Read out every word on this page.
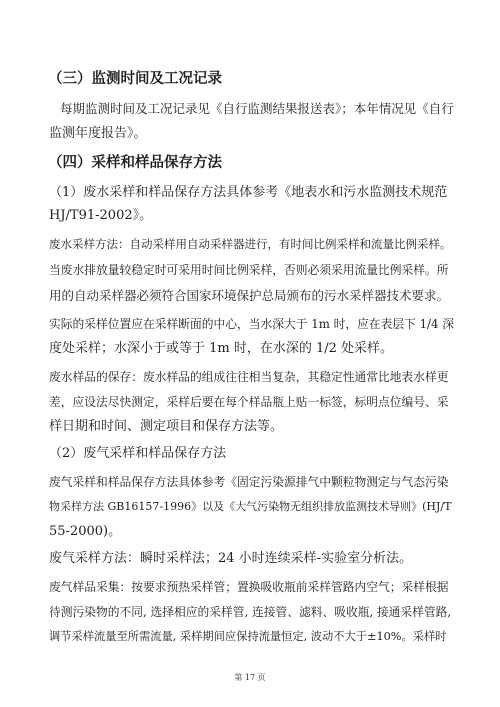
（三）监测时间及工况记录
每期监测时间及工况记录见《自行监测结果报送表》；本年情况见《自行
监测年度报告》。
（四）采样和样品保存方法
（1）废水采样和样品保存方法具体参考《地表水和污水监测技术规范
HJ/T91-2002》。
废水采样方法：自动采样用自动采样器进行，有时间比例采样和流量比例采样。
当废水排放量较稳定时可采用时间比例采样，否则必须采用流量比例采样。所
用的自动采样器必须符合国家环境保护总局颁布的污水采样器技术要求。
实际的采样位置应在采样断面的中心，当水深大于 1m 时，应在表层下 1/4 深
度处采样；水深小于或等于 1m 时，在水深的 1/2 处采样。
废水样品的保存：废水样品的组成往往相当复杂，其稳定性通常比地表水样更
差，应设法尽快测定，采样后要在每个样品瓶上贴一标签，标明点位编号、采
样日期和时间、测定项目和保存方法等。
（2）废气采样和样品保存方法
废气采样和样品保存方法具体参考《固定污染源排气中颗粒物测定与气态污染
物采样方法 GB16157-1996》以及《大气污染物无组织排放监测技术导则》(HJ/T
55-2000)。
废气采样方法：瞬时采样法；24 小时连续采样-实验室分析法。
废气样品采集：按要求预热采样管；置换吸收瓶前采样管路内空气；采样根据
待测污染物的不同, 选择相应的采样管, 连接管、滤料、吸收瓶, 接通采样管路,
调节采样流量至所需流量, 采样期间应保持流量恒定, 波动不大于±10%。采样时
第 17 页
